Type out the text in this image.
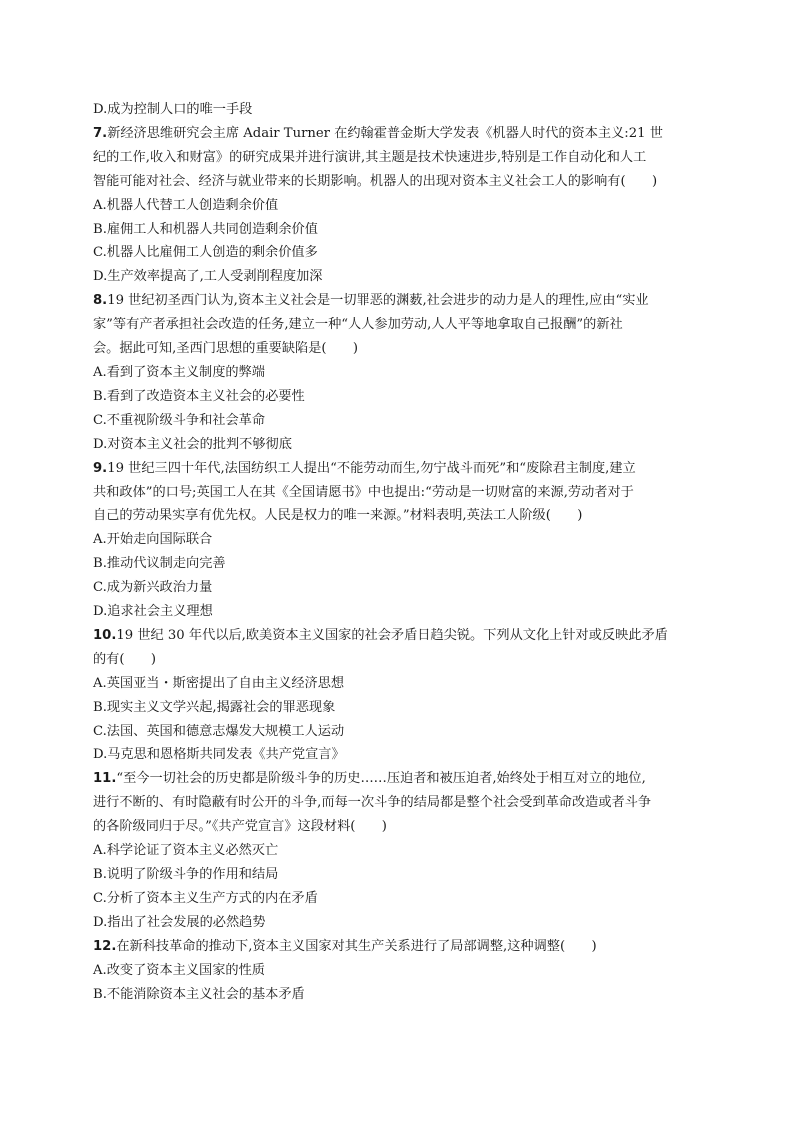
D.成为控制人口的唯一手段
7.新经济思维研究会主席 Adair Turner 在约翰霍普金斯大学发表《机器人时代的资本主义:21 世
纪的工作,收入和财富》的研究成果并进行演讲,其主题是技术快速进步,特别是工作自动化和人工
智能可能对社会、经济与就业带来的长期影响。机器人的出现对资本主义社会工人的影响有(　　)
A.机器人代替工人创造剩余价值
B.雇佣工人和机器人共同创造剩余价值
C.机器人比雇佣工人创造的剩余价值多
D.生产效率提高了,工人受剥削程度加深
8.19 世纪初圣西门认为,资本主义社会是一切罪恶的渊薮,社会进步的动力是人的理性,应由“实业
家”等有产者承担社会改造的任务,建立一种“人人参加劳动,人人平等地拿取自己报酬”的新社
会。据此可知,圣西门思想的重要缺陷是(　　)
A.看到了资本主义制度的弊端
B.看到了改造资本主义社会的必要性
C.不重视阶级斗争和社会革命
D.对资本主义社会的批判不够彻底
9.19 世纪三四十年代,法国纺织工人提出“不能劳动而生,勿宁战斗而死”和“废除君主制度,建立
共和政体”的口号;英国工人在其《全国请愿书》中也提出:“劳动是一切财富的来源,劳动者对于
自己的劳动果实享有优先权。人民是权力的唯一来源。”材料表明,英法工人阶级(　　)
A.开始走向国际联合
B.推动代议制走向完善
C.成为新兴政治力量
D.追求社会主义理想
10.19 世纪 30 年代以后,欧美资本主义国家的社会矛盾日趋尖锐。下列从文化上针对或反映此矛盾
的有(　　)
A.英国亚当・斯密提出了自由主义经济思想
B.现实主义文学兴起,揭露社会的罪恶现象
C.法国、英国和德意志爆发大规模工人运动
D.马克思和恩格斯共同发表《共产党宣言》
11.“至今一切社会的历史都是阶级斗争的历史……压迫者和被压迫者,始终处于相互对立的地位,
进行不断的、有时隐蔽有时公开的斗争,而每一次斗争的结局都是整个社会受到革命改造或者斗争
的各阶级同归于尽。”《共产党宣言》这段材料(　　)
A.科学论证了资本主义必然灭亡
B.说明了阶级斗争的作用和结局
C.分析了资本主义生产方式的内在矛盾
D.指出了社会发展的必然趋势
12.在新科技革命的推动下,资本主义国家对其生产关系进行了局部调整,这种调整(　　)
A.改变了资本主义国家的性质
B.不能消除资本主义社会的基本矛盾
